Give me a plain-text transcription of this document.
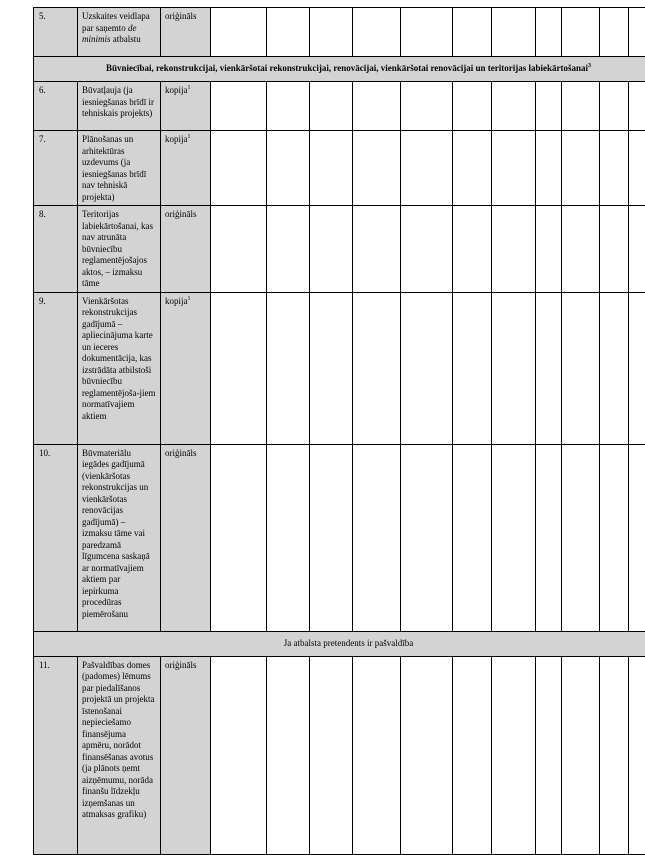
5.	Uzskaites veidlapa par saņemto de minimis atbalstu	oriģināls											
Būvniecībai, rekonstrukcijai, vienkāršotai rekonstrukcijai, renovācijai, vienkāršotai renovācijai un teritorijas labiekārtošanai$^3$
6.	Būvatļauja (ja iesniegšanas brīdī ir tehniskais projekts)	kopija$^1$											
7.	Plānošanas un arhitektūras uzdevums (ja iesniegšanas brīdī nav tehniskā projekta)	kopija$^1$											
8.	Teritorijas labiekārtošanai, kas nav atrunāta būvniecību reglamentējošajos aktos, – izmaksu tāme	oriģināls											
9.	Vienkāršotas rekonstrukcijas gadījumā – apliecinājuma karte un ieceres dokumentācija, kas izstrādāta atbilstoši būvniecību reglamentējoša-jiem normatīvajiem aktiem	kopija$^1$											
10.	Būvmateriālu iegādes gadījumā (vienkāršotas rekonstrukcijas un vienkāršotas renovācijas gadījumā) – izmaksu tāme vai paredzamā līgumcena saskaņā ar normatīvajiem aktiem par iepirkuma procedūras piemērošanu	oriģināls											
Ja atbalsta pretendents ir pašvaldība													
11.	Pašvaldības domes (padomes) lēmums par piedalīšanos projektā un projekta īstenošanai nepieciešamo finansējuma apmēru, norādot finansēšanas avotus (ja plānots ņemt aizņēmumu, norāda finanšu līdzekļu izņemšanas un atmaksas grafiku)	oriģināls											
